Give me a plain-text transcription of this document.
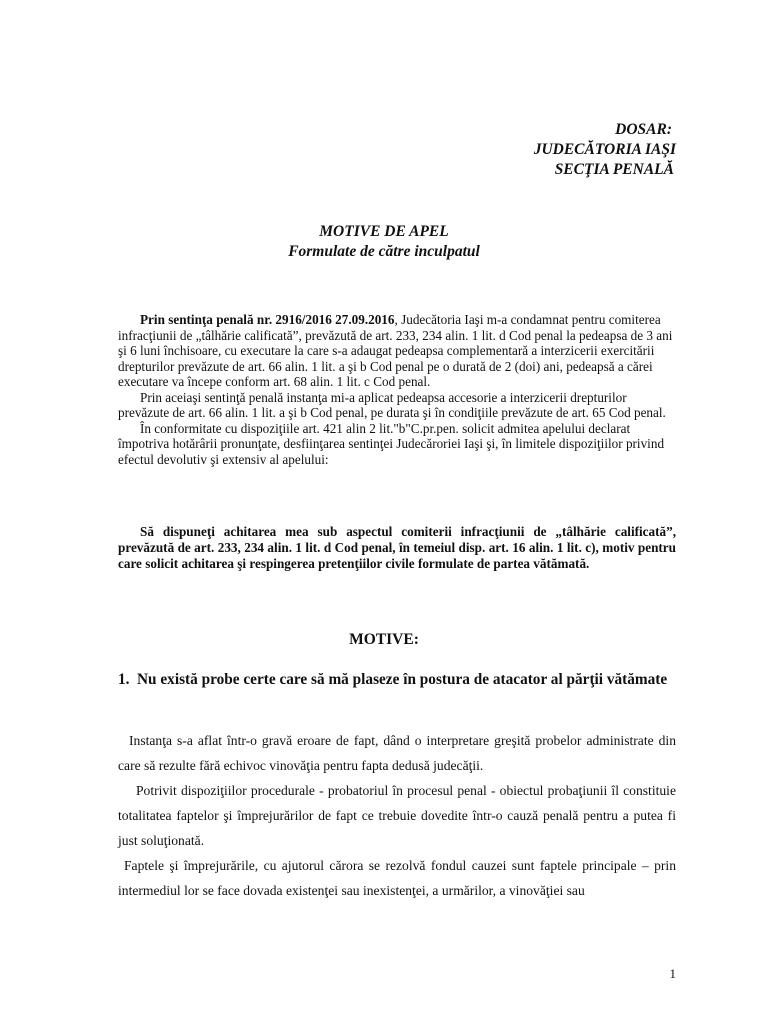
DOSAR:
JUDECĂTORIA IAŞI
SECŢIA PENALĂ
MOTIVE DE APEL
Formulate de către inculpatul

Prin sentinţa penală nr. 2916/2016 27.09.2016, Judecătoria Iaşi m-a condamnat pentru comiterea infracţiunii de „tâlhărie calificată”, prevăzută de art. 233, 234 alin. 1 lit. d Cod penal la pedeapsa de 3 ani şi 6 luni închisoare, cu executare la care s-a adaugat pedeapsa complementară a interzicerii exercitării drepturilor prevăzute de art. 66 alin. 1 lit. a şi b Cod penal pe o durată de 2 (doi) ani, pedeapsă a cărei executare va începe conform art. 68 alin. 1 lit. c Cod penal.

Prin aceiaşi sentinţă penală instanţa mi-a aplicat pedeapsa accesorie a interzicerii drepturilor prevăzute de art. 66 alin. 1 lit. a şi b Cod penal, pe durata şi în condiţiile prevăzute de art. 65 Cod penal.

În conformitate cu dispoziţiile art. 421 alin 2 lit."b"C.pr.pen. solicit admitea apelului declarat împotriva hotărârii pronunţate, desfiinţarea sentinţei Judecăroriei Iaşi şi, în limitele dispoziţiilor privind efectul devolutiv şi extensiv al apelului:

Să dispuneţi achitarea mea sub aspectul comiterii infracţiunii de „tâlhărie calificată”, prevăzută de art. 233, 234 alin. 1 lit. d Cod penal, în temeiul disp. art. 16 alin. 1 lit. c), motiv pentru care solicit achitarea şi respingerea pretenţiilor civile formulate de partea vătămată.
MOTIVE:
1. Nu există probe certe care să mă plaseze în postura de atacator al părţii vătămate

Instanţa s-a aflat într-o gravă eroare de fapt, dând o interpretare greşită probelor administrate din care să rezulte fără echivoc vinovăţia pentru fapta dedusă judecăţii.

Potrivit dispoziţiilor procedurale - probatoriul în procesul penal - obiectul probaţiunii îl constituie totalitatea faptelor şi împrejurărilor de fapt ce trebuie dovedite într-o cauză penală pentru a putea fi just soluţionată.

Faptele şi împrejurările, cu ajutorul cărora se rezolvă fondul cauzei sunt faptele principale – prin intermediul lor se face dovada existenţei sau inexistenţei, a urmărilor, a vinovăţiei sau

1
